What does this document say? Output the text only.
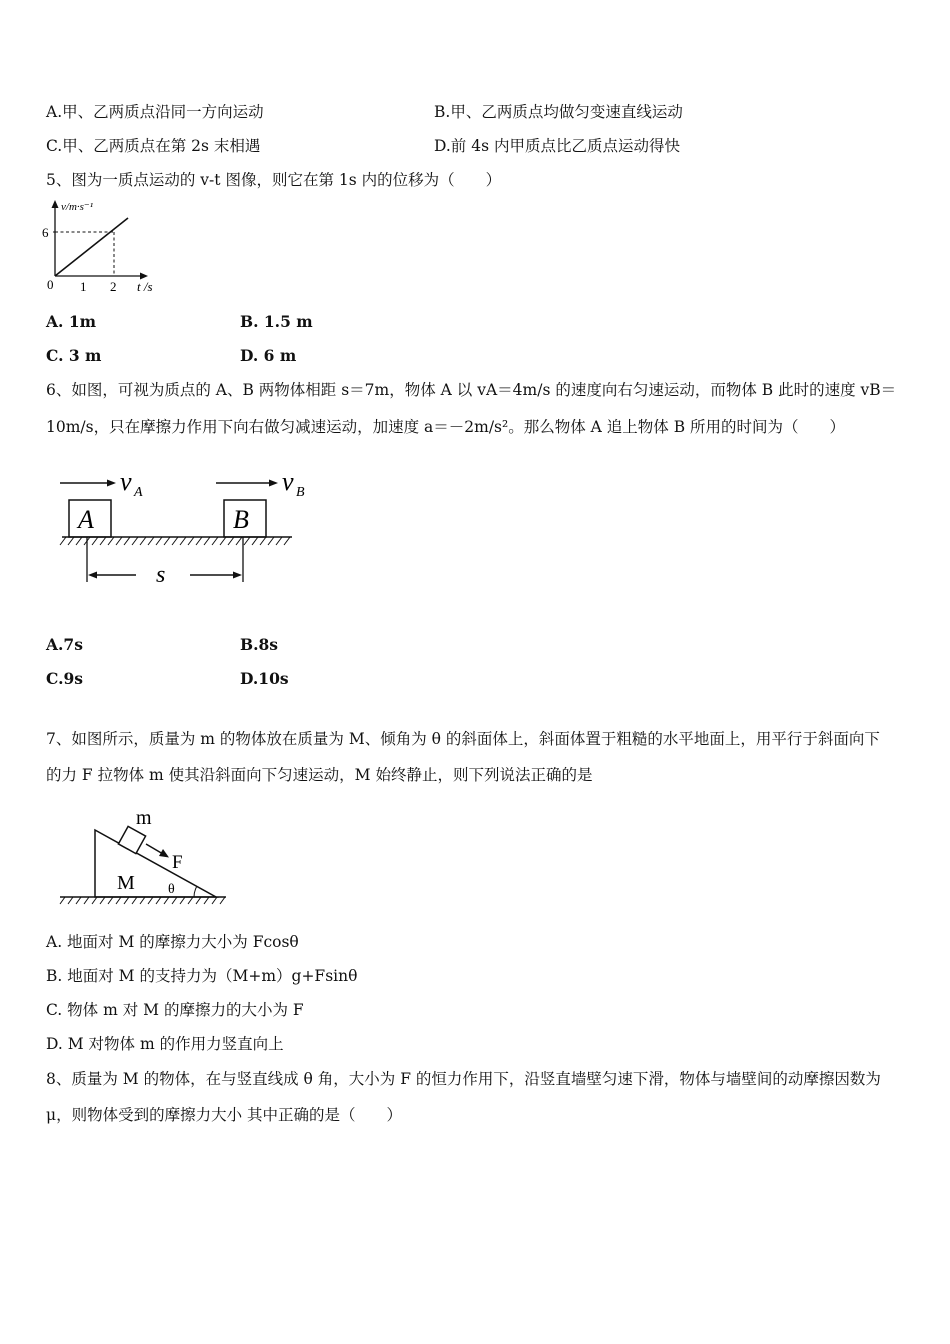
A.甲、乙两质点沿同一方向运动	B.甲、乙两质点均做匀变速直线运动
C.甲、乙两质点在第 2s 末相遇	D.前 4s 内甲质点比乙质点运动得快
5、图为一质点运动的 v-t 图像，则它在第 1s 内的位移为（　　）
v/m·s⁻¹
6
0 1 2 t /s
A. 1m	B. 1.5 m
C. 3 m	D. 6 m
6、如图，可视为质点的 A、B 两物体相距 s＝7m，物体 A 以 vA＝4m/s 的速度向右匀速运动，而物体 B 此时的速度 vB＝
10m/s，只在摩擦力作用下向右做匀减速运动，加速度 a＝－2m/s²。那么物体 A 追上物体 B 所用的时间为（　　）
v A	v B
A	B
s
A.7s	B.8s
C.9s	D.10s
7、如图所示，质量为 m 的物体放在质量为 M、倾角为 θ 的斜面体上，斜面体置于粗糙的水平地面上，用平行于斜面向下
的力 F 拉物体 m 使其沿斜面向下匀速运动，M 始终静止，则下列说法正确的是
m
F
M θ
A. 地面对 M 的摩擦力大小为 Fcosθ
B. 地面对 M 的支持力为（M+m）g+Fsinθ
C. 物体 m 对 M 的摩擦力的大小为 F
D. M 对物体 m 的作用力竖直向上
8、质量为 M 的物体，在与竖直线成 θ 角，大小为 F 的恒力作用下，沿竖直墙壁匀速下滑，物体与墙壁间的动摩擦因数为
μ，则物体受到的摩擦力大小 其中正确的是（　　）
